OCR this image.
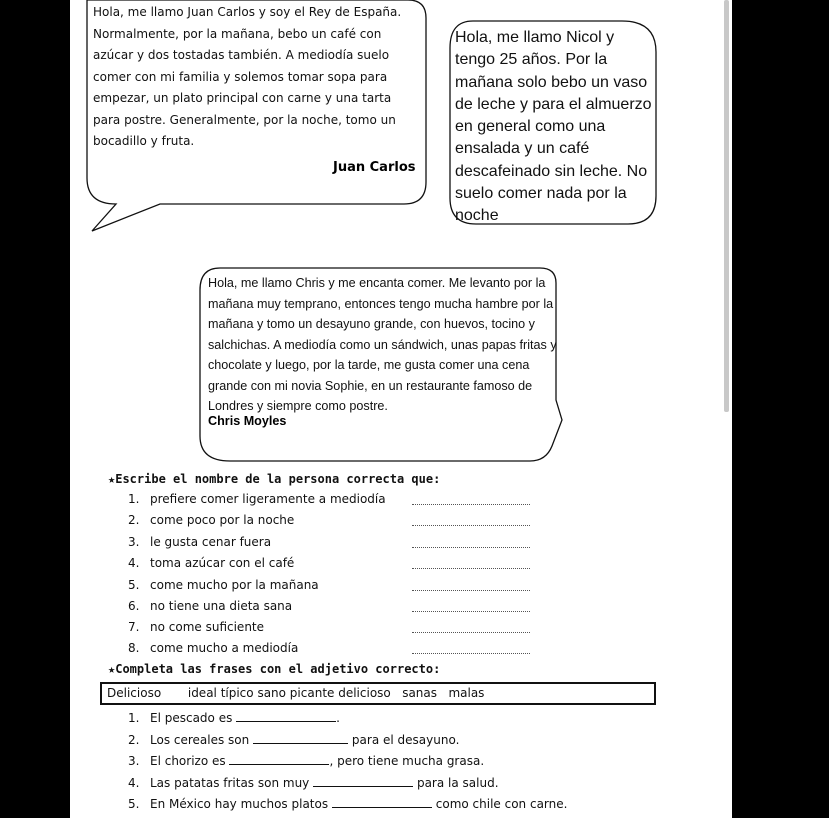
Hola, me llamo Juan Carlos y soy el Rey de España. Normalmente, por la mañana, bebo un café con azúcar y dos tostadas también. A mediodía suelo comer con mi familia y solemos tomar sopa para empezar, un plato principal con carne y una tarta para postre. Generalmente, por la noche, tomo un bocadillo y fruta.
Juan Carlos
Hola, me llamo Nicol y tengo 25 años. Por la mañana solo bebo un vaso de leche y para el almuerzo en general como una ensalada y un café descafeinado sin leche. No suelo comer nada por la noche
Hola, me llamo Chris y me encanta comer. Me levanto por la mañana muy temprano, entonces tengo mucha hambre por la mañana y tomo un desayuno grande, con huevos, tocino y salchichas. A mediodía como un sándwich, unas papas fritas y chocolate y luego, por la tarde, me gusta comer una cena grande con mi novia Sophie, en un restaurante famoso de Londres y siempre como postre.
Chris Moyles
★Escribe el nombre de la persona correcta que:
1. prefiere comer ligeramente a mediodía
2. come poco por la noche
3. le gusta cenar fuera
4. toma azúcar con el café
5. come mucho por la mañana
6. no tiene una dieta sana
7. no come suficiente
8. come mucho a mediodía
★Completa las frases con el adjetivo correcto:
Delicioso       ideal típico sano picante delicioso   sanas   malas
1. El pescado es	.
2. Los cereales son	para el desayuno.
3. El chorizo es	, pero tiene mucha grasa.
4. Las patatas fritas son muy	para la salud.
5. En México hay muchos platos	como chile con carne.
